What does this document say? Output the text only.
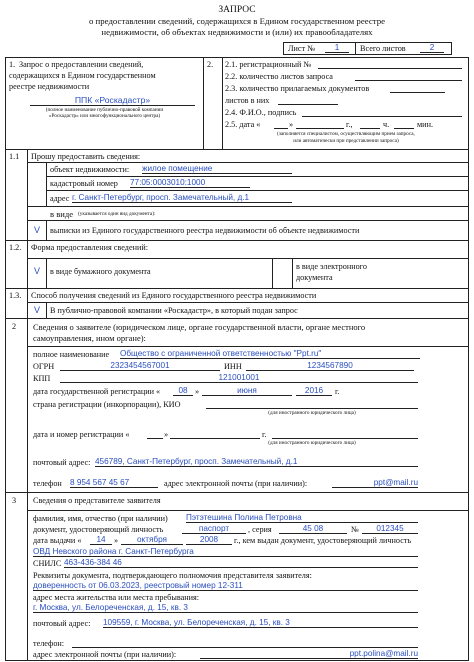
ЗАПРОС
о предоставлении сведений, содержащихся в Едином государственном реестре
недвижимости, об объектах недвижимости и (или) их правообладателях
Лист №	1	Всего листов	2
1. Запрос о предоставлении сведений,
содержащихся в Едином государственном
реестре недвижимости
ППК «Роскадастр»
(полное наименование публично-правовой компании
«Роскадастр» или многофункционального центра)
2. 2.1. регистрационный №
2.2. количество листов запроса
2.3. количество прилагаемых документов
листов в них
2.4. Ф.И.О., подпись
2.5. дата «	»	г.,	ч.	мин.
(заполняется специалистом, осуществляющим прием запроса,
или автоматически при представлении запроса)
1.1 Прошу предоставить сведения:
объект недвижимости: жилое помещение
кадастровый номер 77:05:0003010:1000
адрес г. Санкт-Петербург, просп. Замечательный, д.1
в виде (указывается один вид документа):
V выписки из Единого государственного реестра недвижимости об объекте недвижимости
1.2. Форма предоставления сведений:
V в виде бумажного документа
в виде электронного
документа
1.3. Способ получения сведений из Единого государственного реестра недвижимости
V В публично-правовой компании «Роскадастр», в который подан запрос
2 Сведения о заявителе (юридическом лице, органе государственной власти, органе местного
самоуправления, ином органе):
полное наименование Общество с ограниченной ответственностью "Ppt.ru"
ОГРН	2323454567001	ИНН	1234567890
КПП	121001001
дата государственной регистрации «	08 »	июня	2016	г.
страна регистрации (инкорпорации), КИО
(для иностранного юридического лица)
дата и номер регистрации «	»	г.
(для иностранного юридического лица)
почтовый адрес: 456789, Санкт-Петербург, просп. Замечательный, д.1
телефон 8 954 567 45 67	адрес электронной почты (при наличии):	ppt@mail.ru
3 Сведения о представителе заявителя
фамилия, имя, отчество (при наличии) Пэтэтешина Полина Петровна
документ, удостоверяющий личность	паспорт	, серия	45 08	№	012345
дата выдачи «	14	»	октября	2008	г., кем выдан документ, удостоверяющий личность
ОВД Невского района г. Санкт-Петербурга
СНИЛС 463-436-384 46
Реквизиты документа, подтверждающего полномочия представителя заявителя:
доверенность от 06.03.2023, реестровый номер 12-311
адрес места жительства или места пребывания:
г. Москва, ул. Белореченская, д. 15, кв. 3
почтовый адрес: 109559, г. Москва, ул. Белореченская, д. 15, кв. 3
телефон:
адрес электронной почты (при наличии):	ppt.polina@mail.ru
